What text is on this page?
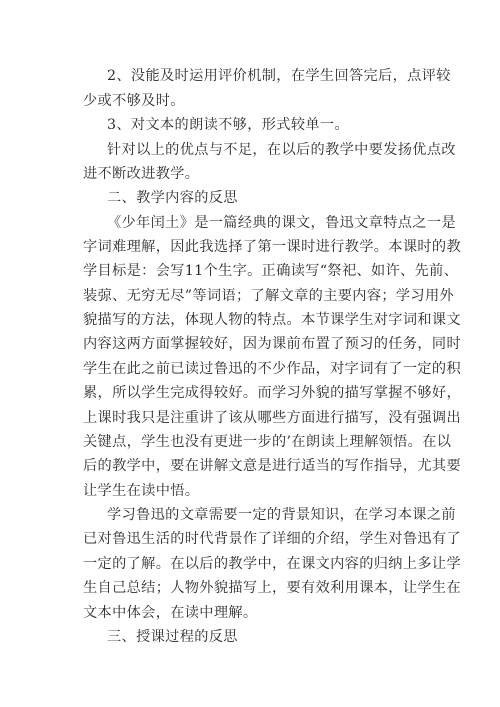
2、没能及时运用评价机制，在学生回答完后，点评较
少或不够及时。
3、对文本的朗读不够，形式较单一。
针对以上的优点与不足，在以后的教学中要发扬优点改
进不断改进教学。
二、教学内容的反思
《少年闰土》是一篇经典的课文，鲁迅文章特点之一是
字词难理解，因此我选择了第一课时进行教学。本课时的教
学目标是：会写11个生字。正确读写“祭祀、如许、先前、
装弶、无穷无尽”等词语；了解文章的主要内容；学习用外
貌描写的方法，体现人物的特点。本节课学生对字词和课文
内容这两方面掌握较好，因为课前布置了预习的任务，同时
学生在此之前已读过鲁迅的不少作品，对字词有了一定的积
累，所以学生完成得较好。而学习外貌的描写掌握不够好，
上课时我只是注重讲了该从哪些方面进行描写，没有强调出
关键点，学生也没有更进一步的’在朗读上理解领悟。在以
后的教学中，要在讲解文意是进行适当的写作指导，尤其要
让学生在读中悟。
学习鲁迅的文章需要一定的背景知识，在学习本课之前
已对鲁迅生活的时代背景作了详细的介绍，学生对鲁迅有了
一定的了解。在以后的教学中，在课文内容的归纳上多让学
生自己总结；人物外貌描写上，要有效利用课本，让学生在
文本中体会，在读中理解。
三、授课过程的反思
